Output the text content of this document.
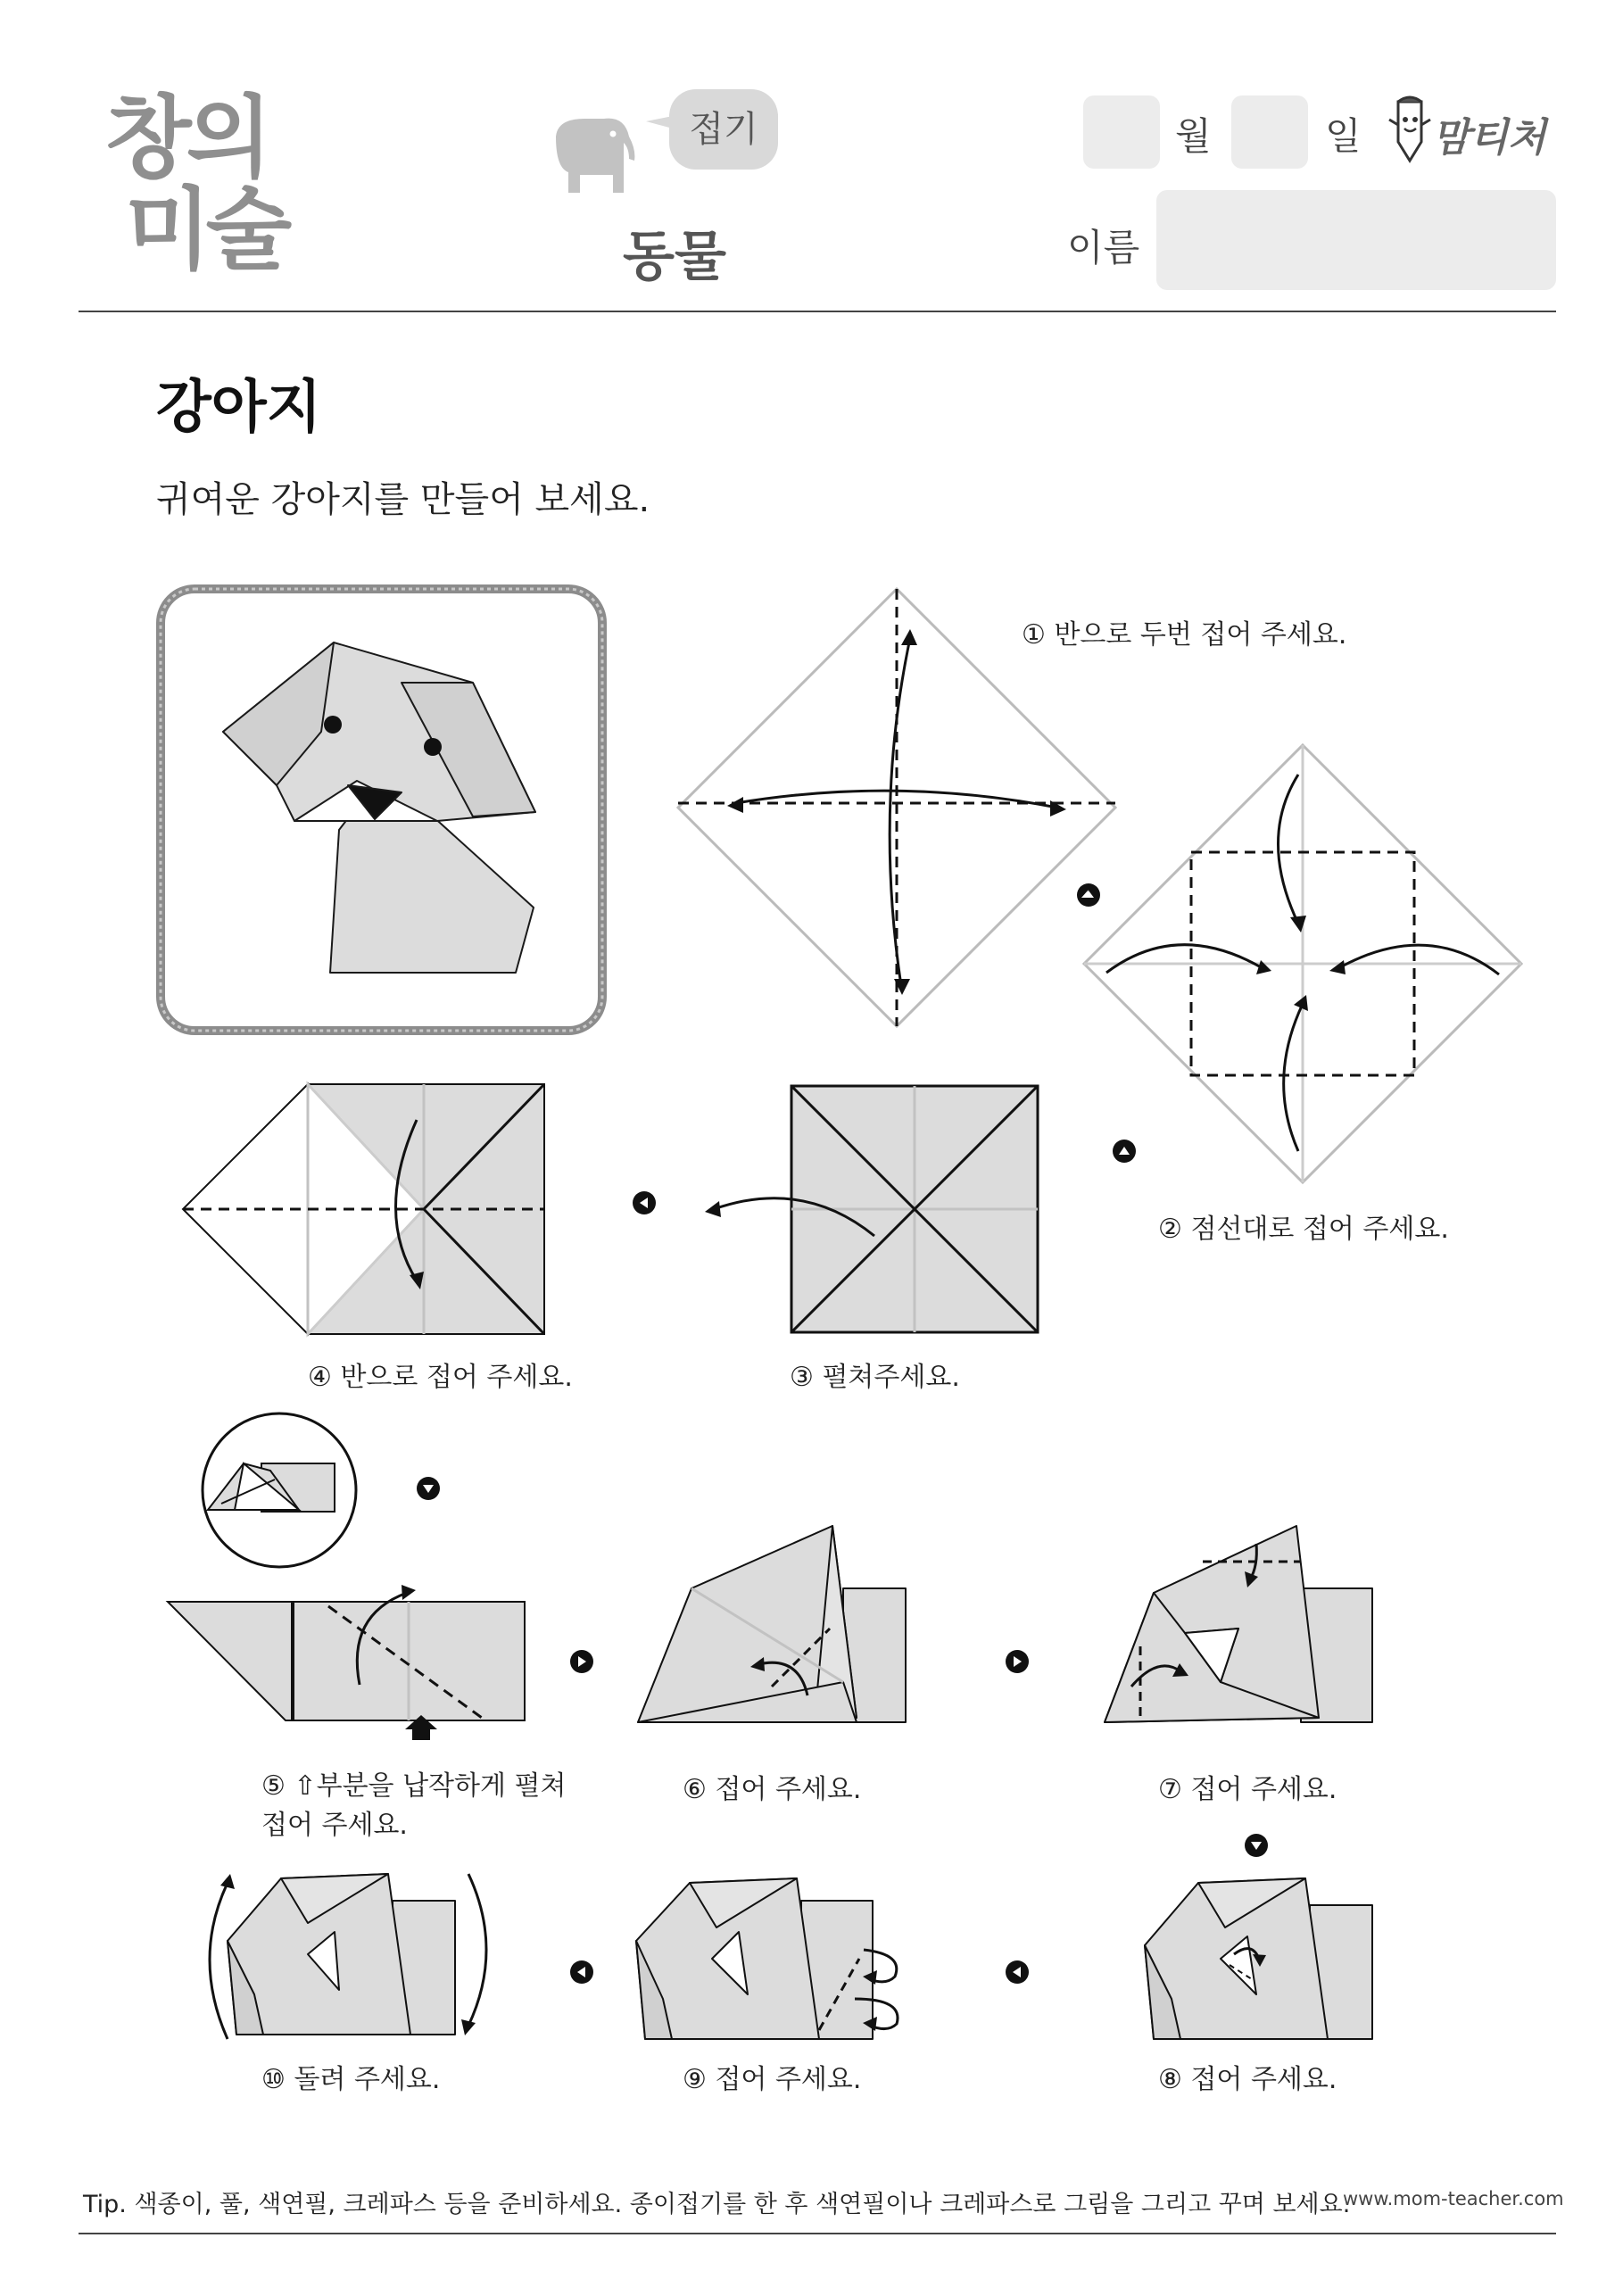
창의
미술
접기
동물
월	일 맘티처
이름
강아지
귀여운 강아지를 만들어 보세요.
① 반으로 두번 접어 주세요.
② 점선대로 접어 주세요.
③ 펼쳐주세요.
④ 반으로 접어 주세요.
⑤ ⇧부분을 납작하게 펼쳐
접어 주세요.
⑥ 접어 주세요.	⑦ 접어 주세요.
⑧ 접어 주세요.
⑨ 접어 주세요.
⑩ 돌려 주세요.
Tip. 색종이, 풀, 색연필, 크레파스 등을 준비하세요. 종이접기를 한 후 색연필이나 크레파스로 그림을 그리고 꾸며 보세요.
www.mom-teacher.com
